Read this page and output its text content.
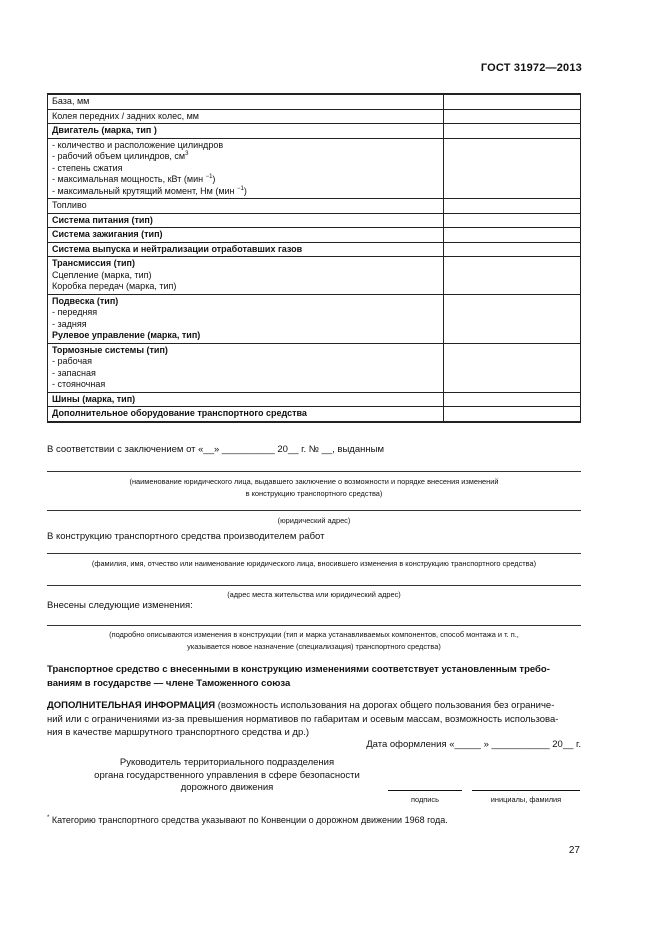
ГОСТ 31972—2013
База, мм	

Колея передних / задних колес, мм	

Двигатель (марка, тип )	

- количество и расположение цилиндров
- рабочий объем цилиндров, $см^3$
- степень сжатия
- максимальная мощность, кВт (мин $^{-1}$)
- максимальный крутящий момент, Нм (мин $^{-1}$)	

Топливо	

Система питания (тип)	

Система зажигания (тип)	

Система выпуска и нейтрализации отработавших газов	

Трансмиссия (тип)
Сцепление (марка, тип)
Коробка передач (марка, тип)	

Подвеска (тип)
- передняя
- задняя
Рулевое управление (марка, тип)	

Тормозные системы (тип)
- рабочая
- запасная
- стояночная	

Шины (марка, тип)	

Дополнительное оборудование транспортного средства	

В соответствии с заключением от «__» __________ 20__ г. № __, выданным
(наименование юридического лица, выдавшего заключение о возможности и порядке внесения изменений
в конструкцию транспортного средства)
(юридический адрес)
В конструкцию транспортного средства производителем работ
(фамилия, имя, отчество или наименование юридического лица, вносившего изменения в конструкцию транспортного средства)
(адрес места жительства или юридический адрес)
Внесены следующие изменения:
(подробно описываются изменения в конструкции (тип и марка устанавливаемых компонентов, способ монтажа и т. п.,
указывается новое назначение (специализация) транспортного средства)
Транспортное средство с внесенными в конструкцию изменениями соответствует установленным требо-
ваниям в государстве — члене Таможенного союза
ДОПОЛНИТЕЛЬНАЯ ИНФОРМАЦИЯ (возможность использования на дорогах общего пользования без ограничe-
ний или с ограничениями из-за превышения нормативов по габаритам и осевым массам, возможность использова-
ния в качестве маршрутного транспортного средства и др.)
Дата оформления «_____ » ___________ 20__ г.
Руководитель территориального подразделения
органа государственного управления в сфере безопасности
дорожного движения
подпись	инициалы, фамилия
* Категорию транспортного средства указывают по Конвенции о дорожном движении 1968 года.
27
